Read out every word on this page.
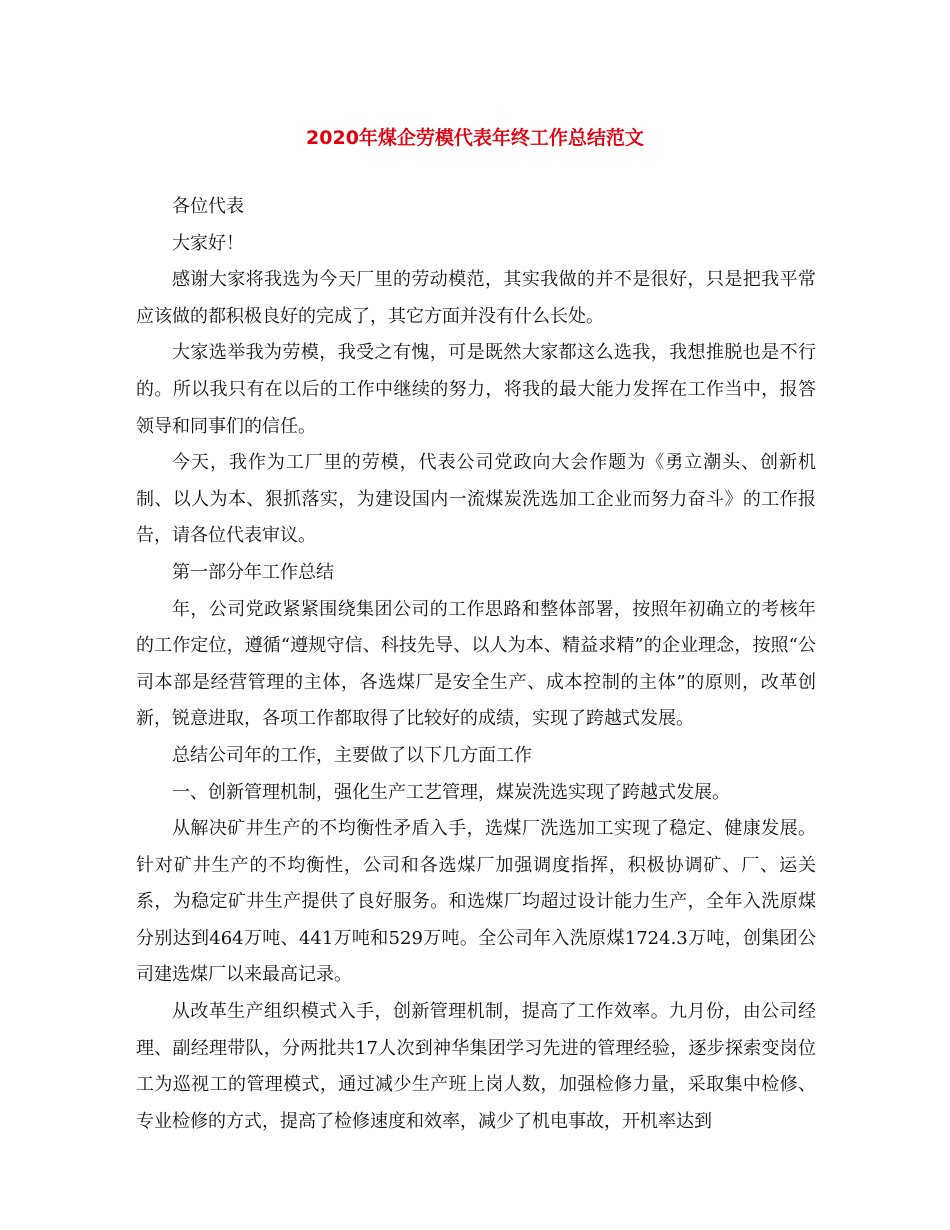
2020年煤企劳模代表年终工作总结范文

各位代表

大家好！

感谢大家将我选为今天厂里的劳动模范，其实我做的并不是很好，只是把我平常应该做的都积极良好的完成了，其它方面并没有什么长处。

大家选举我为劳模，我受之有愧，可是既然大家都这么选我，我想推脱也是不行的。所以我只有在以后的工作中继续的努力，将我的最大能力发挥在工作当中，报答领导和同事们的信任。

今天，我作为工厂里的劳模，代表公司党政向大会作题为《勇立潮头、创新机制、以人为本、狠抓落实，为建设国内一流煤炭洗选加工企业而努力奋斗》的工作报告，请各位代表审议。

第一部分年工作总结

年，公司党政紧紧围绕集团公司的工作思路和整体部署，按照年初确立的考核年的工作定位，遵循“遵规守信、科技先导、以人为本、精益求精”的企业理念，按照“公司本部是经营管理的主体，各选煤厂是安全生产、成本控制的主体”的原则，改革创新，锐意进取，各项工作都取得了比较好的成绩，实现了跨越式发展。

总结公司年的工作，主要做了以下几方面工作

一、创新管理机制，强化生产工艺管理，煤炭洗选实现了跨越式发展。

从解决矿井生产的不均衡性矛盾入手，选煤厂洗选加工实现了稳定、健康发展。针对矿井生产的不均衡性，公司和各选煤厂加强调度指挥，积极协调矿、厂、运关系，为稳定矿井生产提供了良好服务。和选煤厂均超过设计能力生产，全年入洗原煤分别达到464万吨、441万吨和529万吨。全公司年入洗原煤1724.3万吨，创集团公司建选煤厂以来最高记录。

从改革生产组织模式入手，创新管理机制，提高了工作效率。九月份，由公司经理、副经理带队，分两批共17人次到神华集团学习先进的管理经验，逐步探索变岗位工为巡视工的管理模式，通过减少生产班上岗人数，加强检修力量，采取集中检修、专业检修的方式，提高了检修速度和效率，减少了机电事故，开机率达到
